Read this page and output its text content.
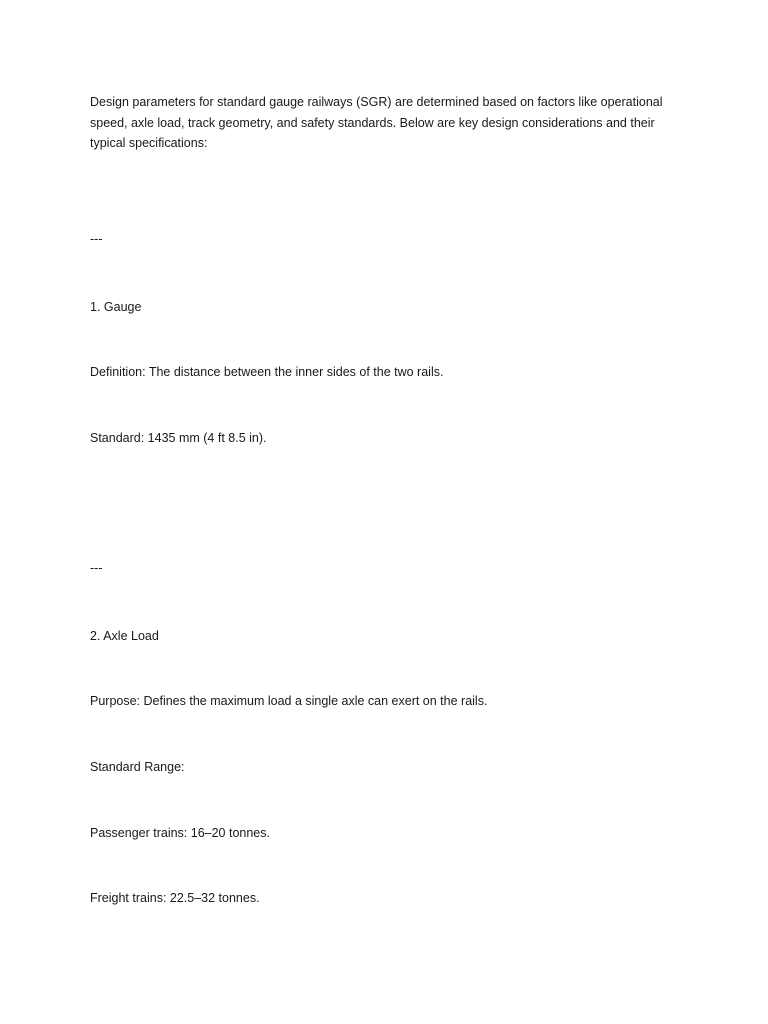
Design parameters for standard gauge railways (SGR) are determined based on factors like operational
speed, axle load, track geometry, and safety standards. Below are key design considerations and their
typical specifications:
---
1. Gauge
Definition: The distance between the inner sides of the two rails.
Standard: 1435 mm (4 ft 8.5 in).
---
2. Axle Load
Purpose: Defines the maximum load a single axle can exert on the rails.
Standard Range:
Passenger trains: 16–20 tonnes.
Freight trains: 22.5–32 tonnes.
